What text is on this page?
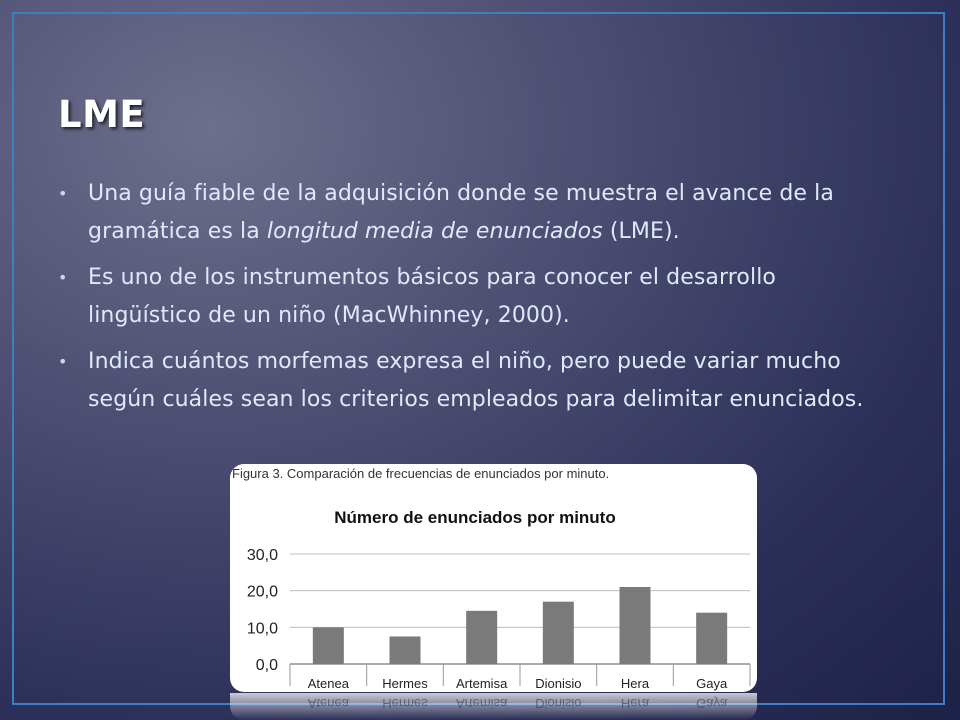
LME
• Una guía fiable de la adquisición donde se muestra el avance de la gramática es la longitud media de enunciados (LME).
• Es uno de los instrumentos básicos para conocer el desarrollo lingüístico de un niño (MacWhinney, 2000).
• Indica cuántos morfemas expresa el niño, pero puede variar mucho según cuáles sean los criterios empleados para delimitar enunciados.
Figura 3. Comparación de frecuencias de enunciados por minuto.
Número de enunciados por minuto
0,0
10,0
20,0
30,0
Atenea	Hermes Artemisa Dionisio	Hera	Gaya
Atenea	Hermes Artemisa Dionisio	Hera	Gaya
